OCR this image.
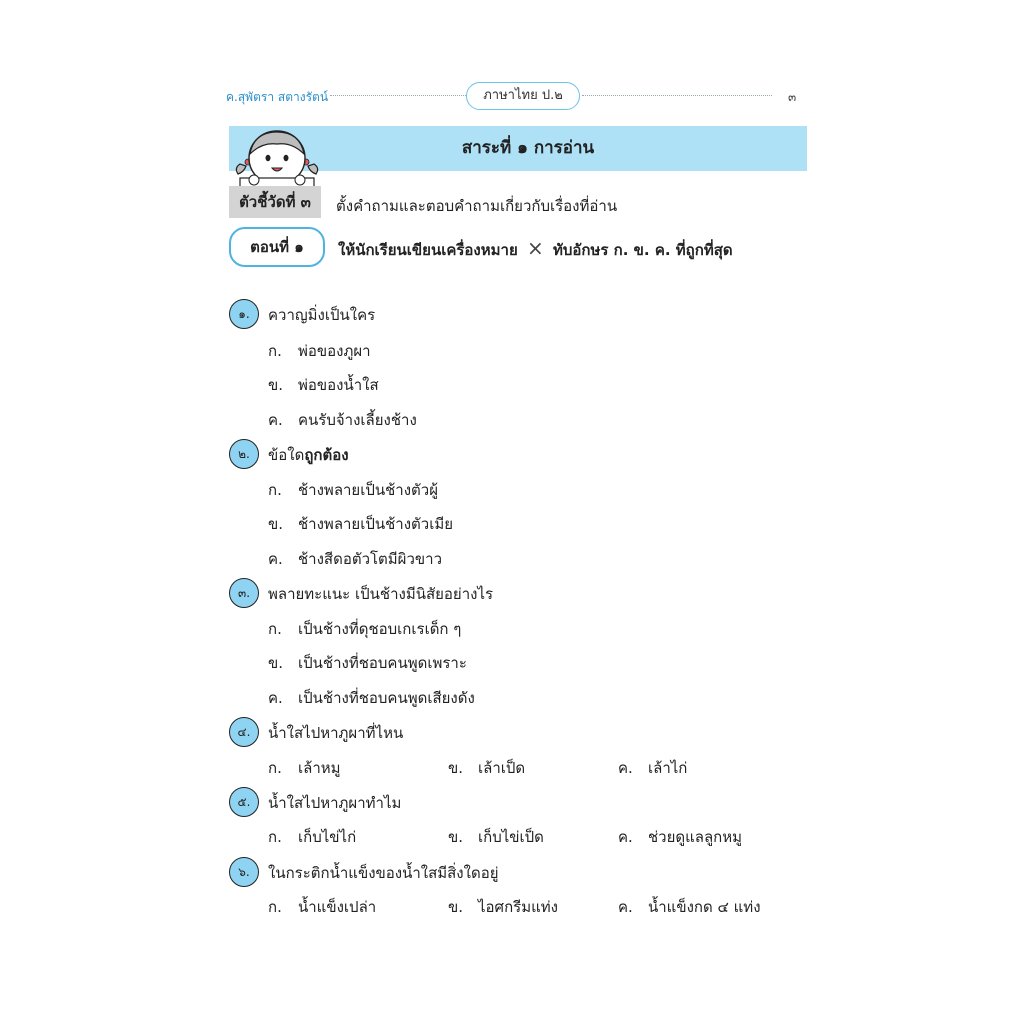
ค.สุพัตรา สตางรัตน์	ภาษาไทย ป.๒	๓
สาระที่ ๑ การอ่าน
ตัวชี้วัดที่ ๓	ตั้งคำถามและตอบคำถามเกี่ยวกับเรื่องที่อ่าน
ตอนที่ ๑	ให้นักเรียนเขียนเครื่องหมาย × ทับอักษร ก. ข. ค. ที่ถูกที่สุด
๑.	ควาญมิ่งเป็นใคร
ก. พ่อของภูผา
ข. พ่อของน้ำใส
ค. คนรับจ้างเลี้ยงช้าง
๒.	ข้อใดถูกต้อง
ก. ช้างพลายเป็นช้างตัวผู้
ข. ช้างพลายเป็นช้างตัวเมีย
ค. ช้างสีดอตัวโตมีผิวขาว
๓.	พลายทะแนะ เป็นช้างมีนิสัยอย่างไร
ก. เป็นช้างที่ดุชอบเกเรเด็ก ๆ
ข. เป็นช้างที่ชอบคนพูดเพราะ
ค. เป็นช้างที่ชอบคนพูดเสียงดัง
๔.	น้ำใสไปหาภูผาที่ไหน
ก. เล้าหมู	ข. เล้าเป็ด	ค. เล้าไก่
๕.	น้ำใสไปหาภูผาทำไม
ก. เก็บไข่ไก่	ข. เก็บไข่เป็ด	ค. ช่วยดูแลลูกหมู
๖.	ในกระติกน้ำแข็งของน้ำใสมีสิ่งใดอยู่
ก. น้ำแข็งเปล่า	ข. ไอศกรีมแท่ง	ค. น้ำแข็งกด ๔ แท่ง
